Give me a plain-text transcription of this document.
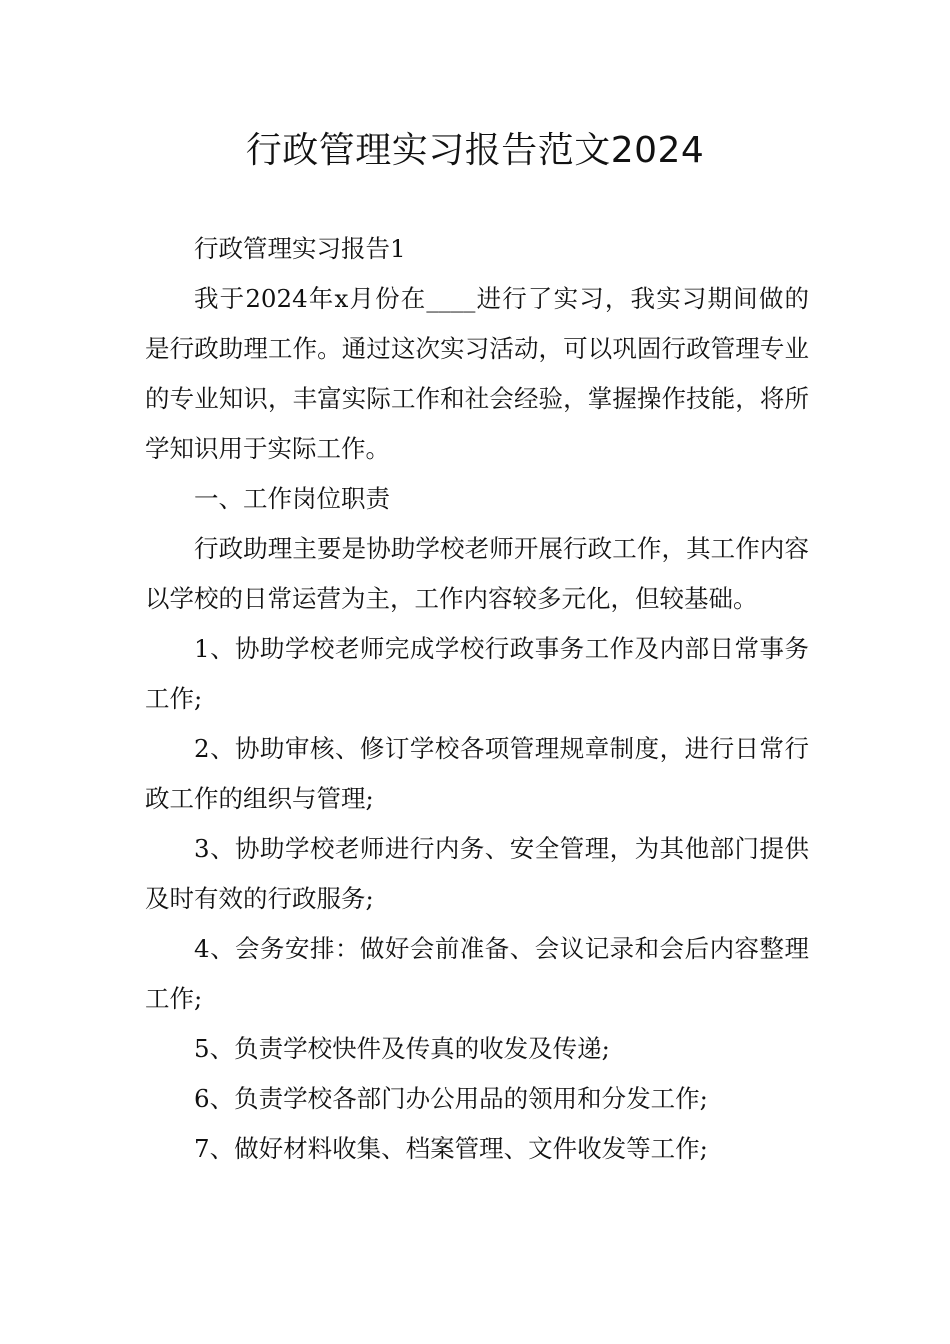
行政管理实习报告范文2024

行政管理实习报告1

我于2024年x月份在____进行了实习，我实习期间做的是行政助理工作。通过这次实习活动，可以巩固行政管理专业的专业知识，丰富实际工作和社会经验，掌握操作技能，将所学知识用于实际工作。

一、工作岗位职责

行政助理主要是协助学校老师开展行政工作，其工作内容以学校的日常运营为主，工作内容较多元化，但较基础。

1、协助学校老师完成学校行政事务工作及内部日常事务工作;

2、协助审核、修订学校各项管理规章制度，进行日常行政工作的组织与管理;

3、协助学校老师进行内务、安全管理，为其他部门提供及时有效的行政服务;

4、会务安排：做好会前准备、会议记录和会后内容整理工作;

5、负责学校快件及传真的收发及传递;

6、负责学校各部门办公用品的领用和分发工作;

7、做好材料收集、档案管理、文件收发等工作;
